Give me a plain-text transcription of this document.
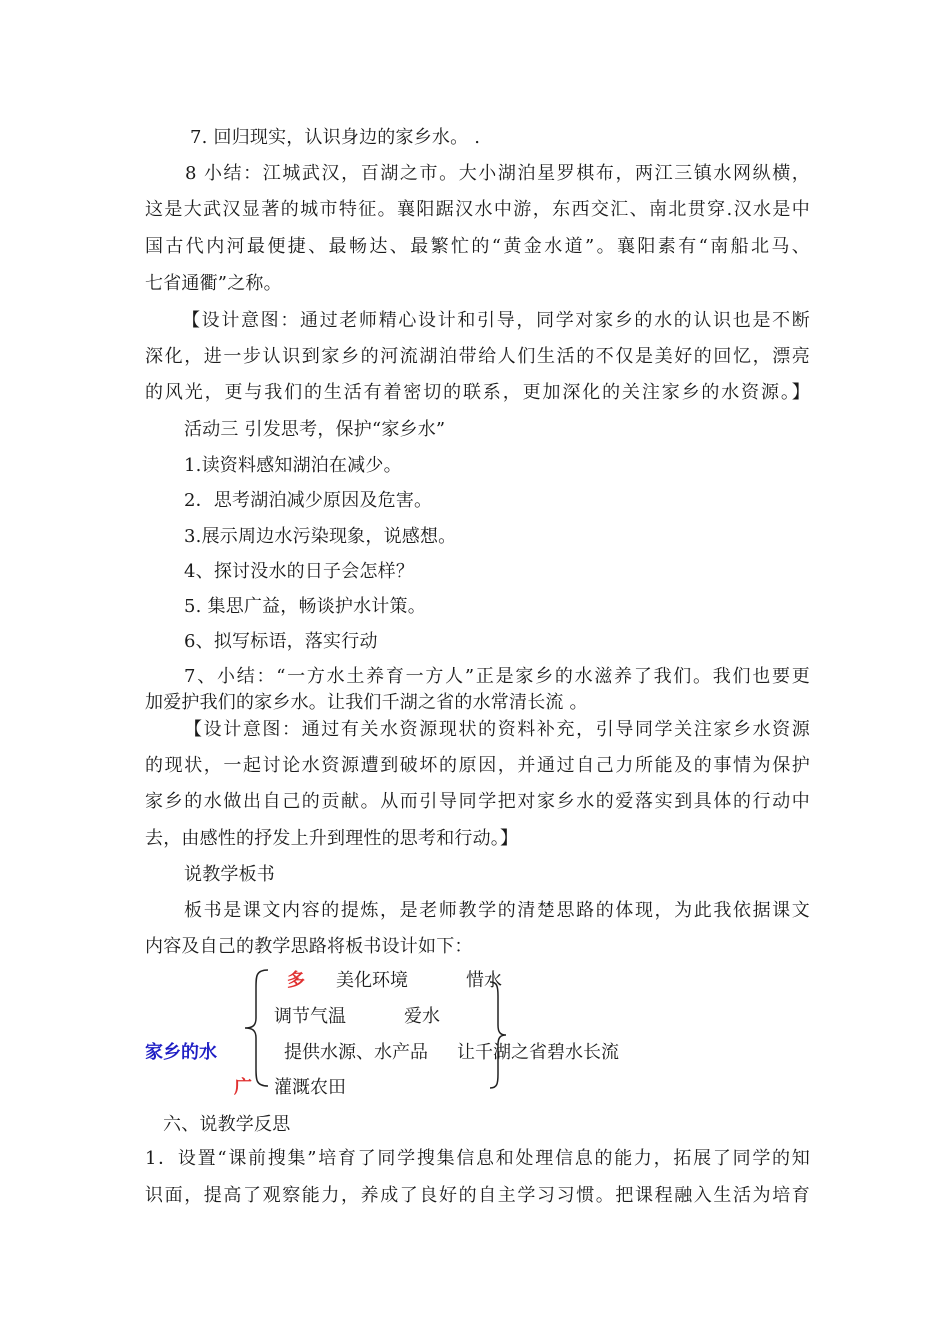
7. 回归现实，认识身边的家乡水。 .
8 小结：江城武汉，百湖之市。大小湖泊星罗棋布，两江三镇水网纵横，
这是大武汉显著的城市特征。襄阳踞汉水中游，东西交汇、南北贯穿.汉水是中
国古代内河最便捷、最畅达、最繁忙的“黄金水道”。襄阳素有“南船北马、
七省通衢”之称。
【设计意图：通过老师精心设计和引导，同学对家乡的水的认识也是不断
深化，进一步认识到家乡的河流湖泊带给人们生活的不仅是美好的回忆，漂亮
的风光，更与我们的生活有着密切的联系，更加深化的关注家乡的水资源。】
活动三 引发思考，保护“家乡水”
1.读资料感知湖泊在减少。
2．思考湖泊减少原因及危害。
3.展示周边水污染现象，说感想。
4、探讨没水的日子会怎样？
5. 集思广益，畅谈护水计策。
6、拟写标语，落实行动
7、小结：“一方水土养育一方人”正是家乡的水滋养了我们。我们也要更
加爱护我们的家乡水。让我们千湖之省的水常清长流 。
【设计意图：通过有关水资源现状的资料补充，引导同学关注家乡水资源
的现状，一起讨论水资源遭到破坏的原因，并通过自己力所能及的事情为保护
家乡的水做出自己的贡献。从而引导同学把对家乡水的爱落实到具体的行动中
去，由感性的抒发上升到理性的思考和行动。】
说教学板书
板书是课文内容的提炼，是老师教学的清楚思路的体现，为此我依据课文
内容及自己的教学思路将板书设计如下：
多 美化环境	惜水
调节气温	爱水
家乡的水	提供水源、水产品 让千湖之省碧水长流
广 灌溉农田
六、说教学反思
1．设置“课前搜集”培育了同学搜集信息和处理信息的能力，拓展了同学的知
识面，提高了观察能力，养成了良好的自主学习习惯。把课程融入生活为培育
